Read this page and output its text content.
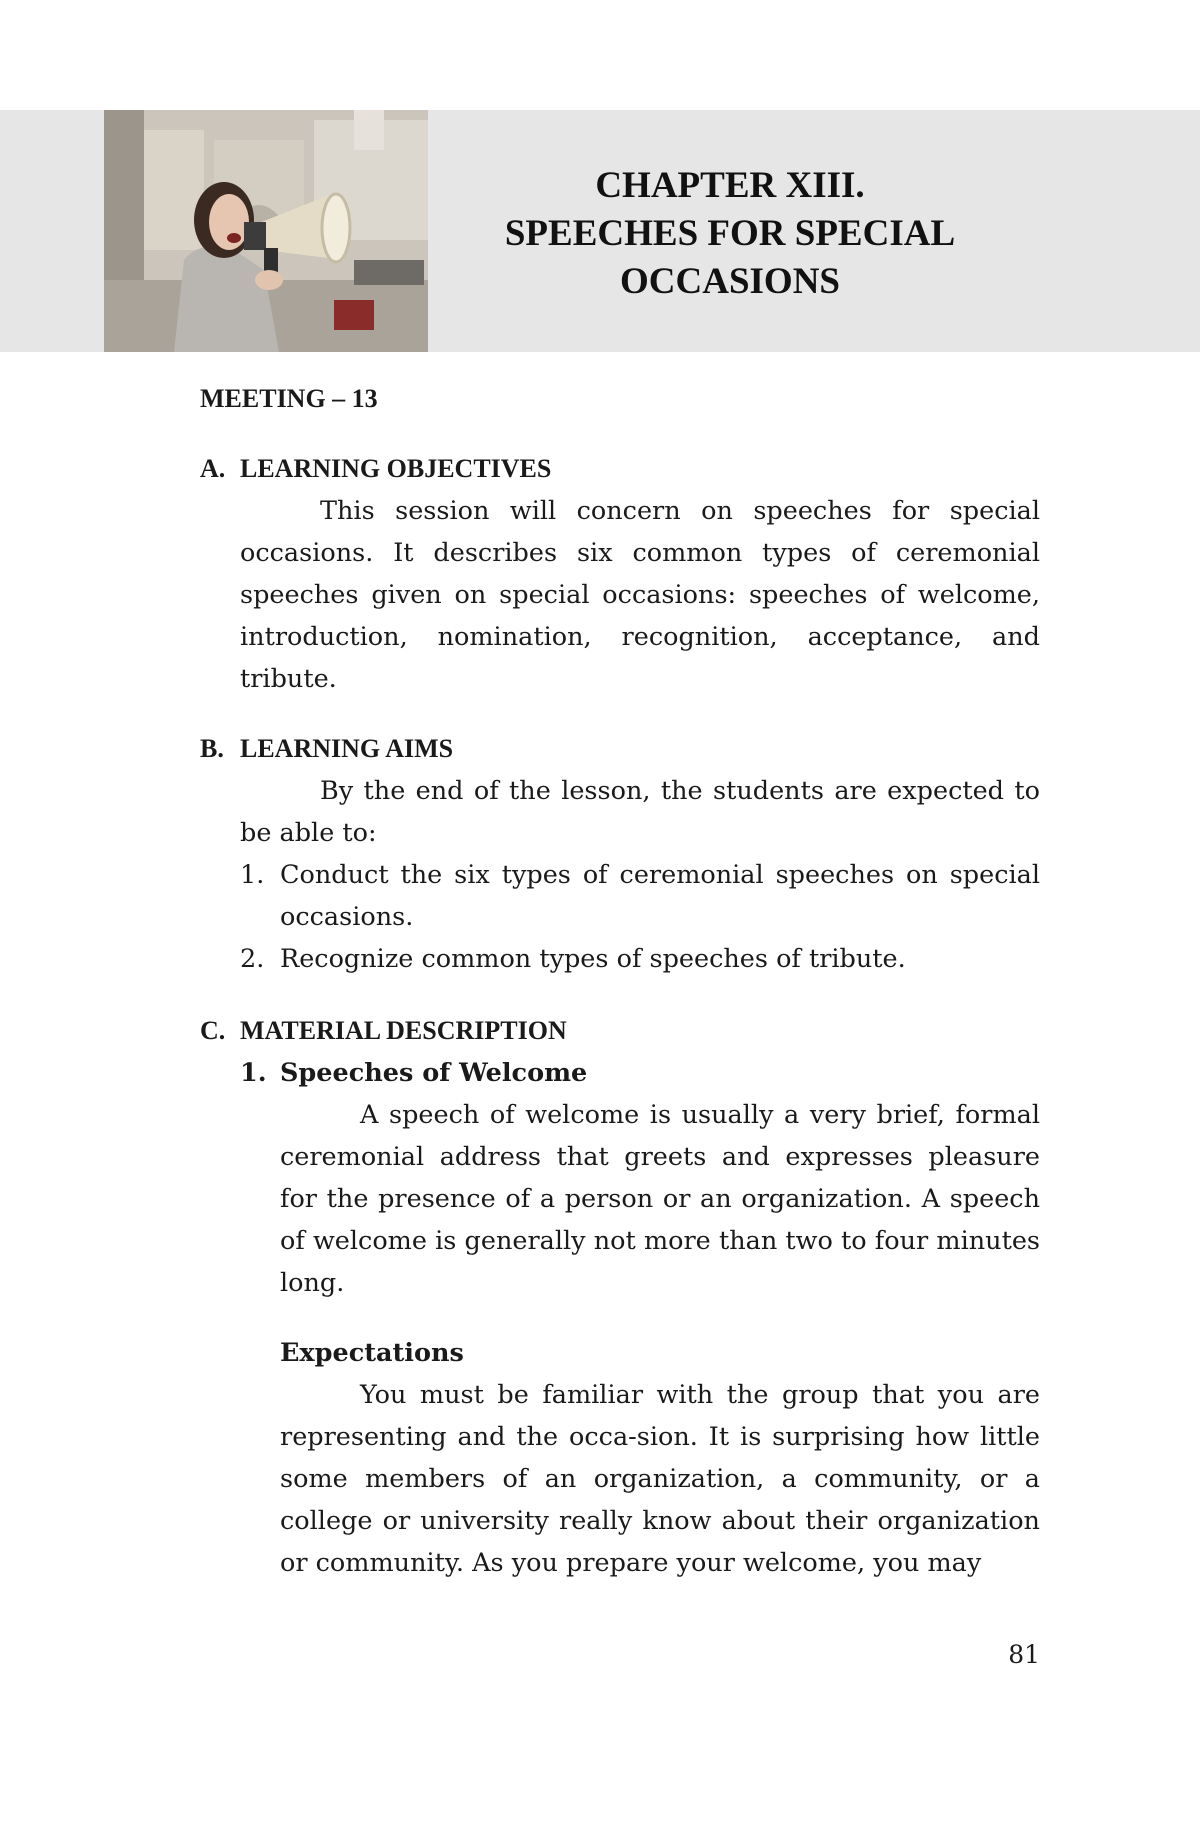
CHAPTER XIII.
SPEECHES FOR SPECIAL
OCCASIONS
MEETING – 13
A. LEARNING OBJECTIVES

This session will concern on speeches for special occasions. It describes six common types of ceremonial speeches given on special occasions: speeches of welcome, introduction, nomination, recognition, acceptance, and tribute.

B. LEARNING AIMS

By the end of the lesson, the students are expected to be able to:

1. Conduct the six types of ceremonial speeches on special occasions.
2. Recognize common types of speeches of tribute.
C. MATERIAL DESCRIPTION
1. Speeches of Welcome

A speech of welcome is usually a very brief, formal ceremonial address that greets and expresses pleasure for the presence of a person or an organization. A speech of welcome is generally not more than two to four minutes long.

Expectations

You must be familiar with the group that you are representing and the occa-sion. It is surprising how little some members of an organization, a community, or a college or university really know about their organization or community. As you prepare your welcome, you may

81
